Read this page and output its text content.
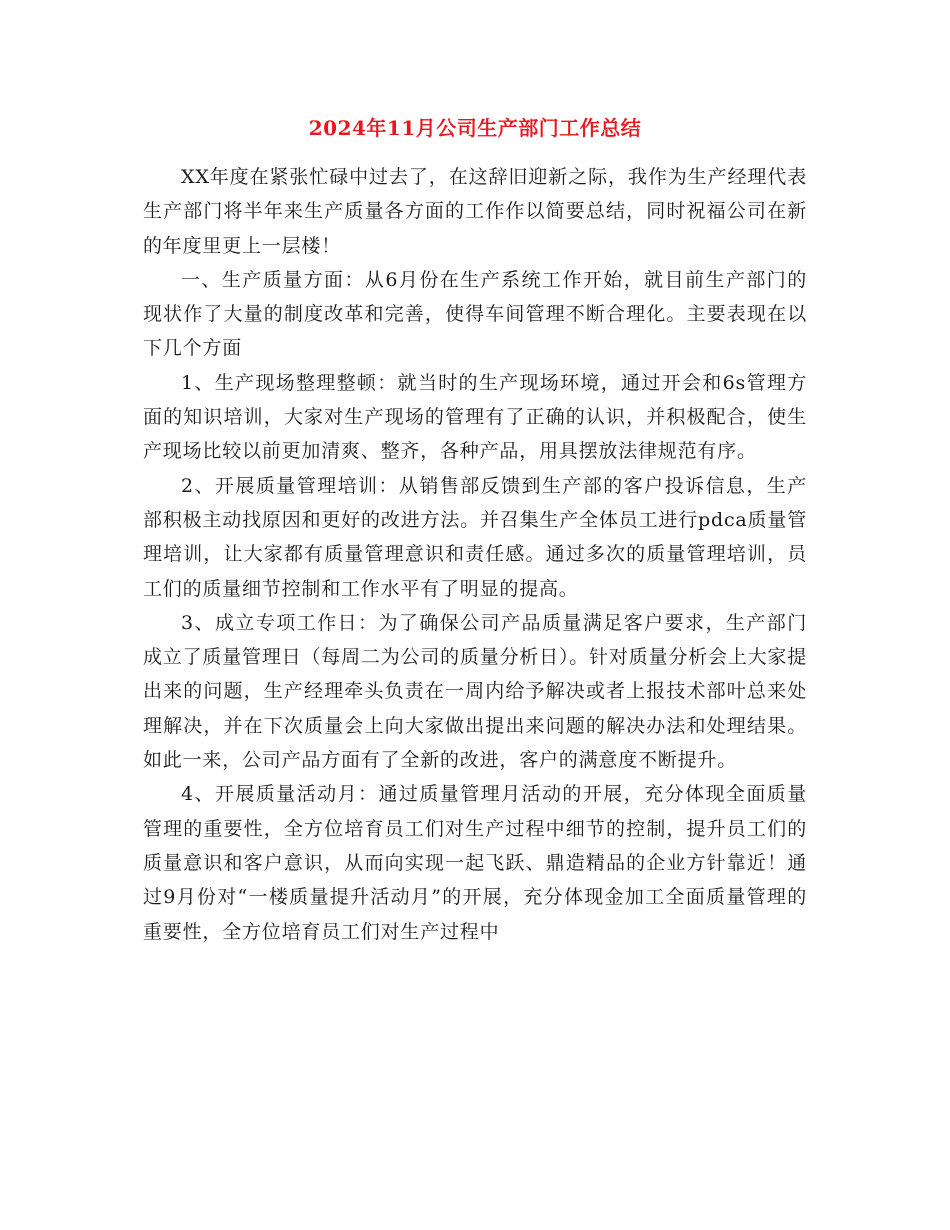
2024年11月公司生产部门工作总结

XX年度在紧张忙碌中过去了，在这辞旧迎新之际，我作为生产经理代表生产部门将半年来生产质量各方面的工作作以简要总结，同时祝福公司在新的年度里更上一层楼！

一、生产质量方面：从6月份在生产系统工作开始，就目前生产部门的现状作了大量的制度改革和完善，使得车间管理不断合理化。主要表现在以下几个方面

1、生产现场整理整顿：就当时的生产现场环境，通过开会和6s管理方面的知识培训，大家对生产现场的管理有了正确的认识，并积极配合，使生产现场比较以前更加清爽、整齐，各种产品，用具摆放法律规范有序。

2、开展质量管理培训：从销售部反馈到生产部的客户投诉信息，生产部积极主动找原因和更好的改进方法。并召集生产全体员工进行pdca质量管理培训，让大家都有质量管理意识和责任感。通过多次的质量管理培训，员工们的质量细节控制和工作水平有了明显的提高。

3、成立专项工作日：为了确保公司产品质量满足客户要求，生产部门成立了质量管理日（每周二为公司的质量分析日）。针对质量分析会上大家提出来的问题，生产经理牵头负责在一周内给予解决或者上报技术部叶总来处理解决，并在下次质量会上向大家做出提出来问题的解决办法和处理结果。如此一来，公司产品方面有了全新的改进，客户的满意度不断提升。

4、开展质量活动月：通过质量管理月活动的开展，充分体现全面质量管理的重要性，全方位培育员工们对生产过程中细节的控制，提升员工们的质量意识和客户意识，从而向实现一起飞跃、鼎造精品的企业方针靠近！通过9月份对“一楼质量提升活动月”的开展，充分体现金加工全面质量管理的重要性，全方位培育员工们对生产过程中
